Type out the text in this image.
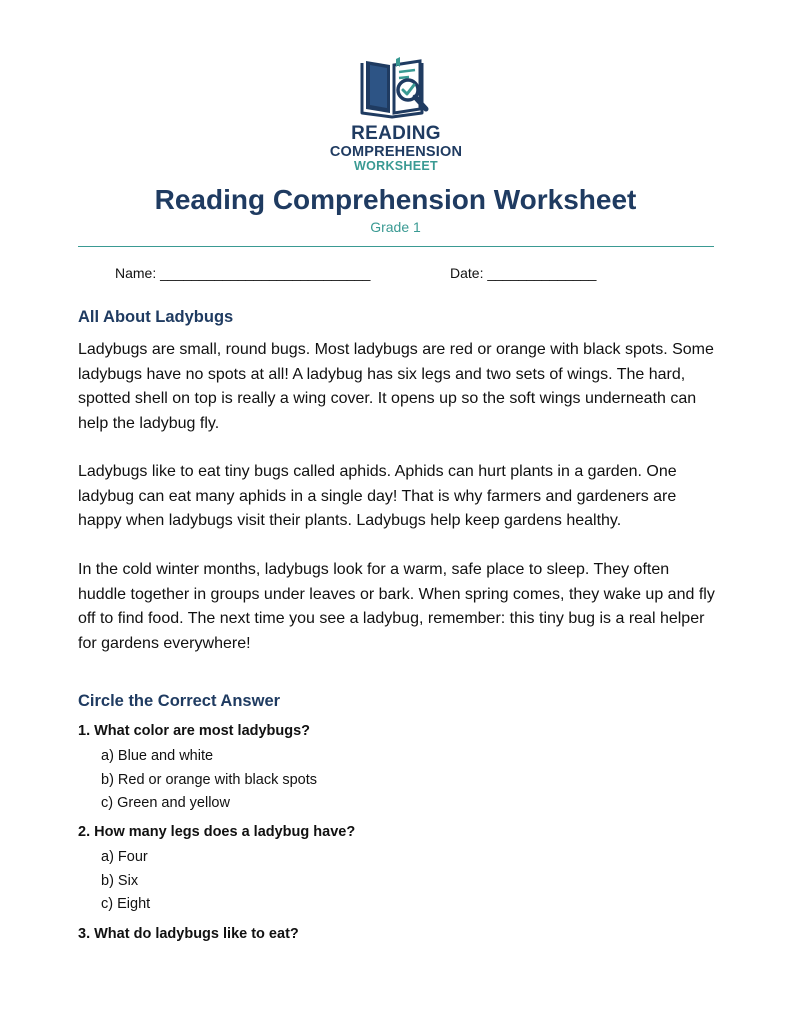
READING
COMPREHENSION
WORKSHEET
Reading Comprehension Worksheet
Grade 1
Name: ___________________________	Date: ______________
All About Ladybugs

Ladybugs are small, round bugs. Most ladybugs are red or orange with black spots. Some ladybugs have no spots at all! A ladybug has six legs and two sets of wings. The hard, spotted shell on top is really a wing cover. It opens up so the soft wings underneath can help the ladybug fly.

Ladybugs like to eat tiny bugs called aphids. Aphids can hurt plants in a garden. One ladybug can eat many aphids in a single day! That is why farmers and gardeners are happy when ladybugs visit their plants. Ladybugs help keep gardens healthy.

In the cold winter months, ladybugs look for a warm, safe place to sleep. They often huddle together in groups under leaves or bark. When spring comes, they wake up and fly off to find food. The next time you see a ladybug, remember: this tiny bug is a real helper for gardens everywhere!

Circle the Correct Answer
1. What color are most ladybugs?
a) Blue and white
b) Red or orange with black spots
c) Green and yellow
2. How many legs does a ladybug have?
a) Four
b) Six
c) Eight
3. What do ladybugs like to eat?
